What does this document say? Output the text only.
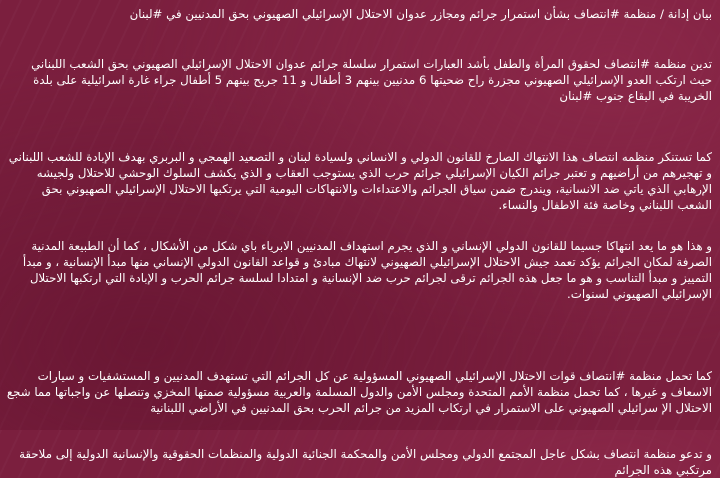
بيان إدانة / منظمة #انتصاف بشأن استمرار جرائم ومجازر عدوان الاحتلال الإسرائيلي الصهيوني بحق المدنيين في #لبنان

تدين منظمة #انتصاف لحقوق المرأة والطفل بأشد العبارات استمرار سلسلة جرائم عدوان الاحتلال الإسرائيلي الصهيوني بحق الشعب اللبناني حيث ارتكب العدو الإسرائيلي الصهيوني مجزرة راح ضحيتها 6 مدنيين بينهم 3 أطفال و 11 جريح بينهم 5 أطفال جراء غارة اسرائيلية على بلدة الخريبة في البقاع جنوب #لبنان

كما تستنكر منظمه انتصاف هذا الانتهاك الصارخ للقانون الدولي و الانساني ولسيادة لبنان و التصعيد الهمجي و البربري بهدف الإبادة للشعب اللبناني و تهجيرهم من أراضيهم و تعتبر جرائم الكيان الإسرائيلي جرائم حرب الذي يستوجب العقاب و الذي يكشف السلوك الوحشي للاحتلال ولجيشه الإرهابي الذي ياتي ضد الانسانية، ويندرج ضمن سياق الجرائم والاعتداءات والانتهاكات اليومية التي يرتكبها الاحتلال الإسرائيلي الصهيوني بحق الشعب اللبناني وخاصة فئة الاطفال والنساء.

و هذا هو ما يعد انتهاكا جسيما للقانون الدولي الإنساني و الذي يجرم استهداف المدنيين الابرياء باي شكل من الأشكال ، كما أن الطبيعة المدنية الصرفة لمكان الجرائم يؤكد تعمد جيش الاحتلال الإسرائيلي الصهيوني لانتهاك مبادئ و قواعد القانون الدولي الإنساني منها مبدأ الإنسانية ، و مبدأ التمييز و مبدأ التناسب و هو ما جعل هذه الجرائم ترقى لجرائم حرب ضد الإنسانية و امتدادا لسلسة جرائم الحرب و الإبادة التي ارتكبها الاحتلال الإسرائيلي الصهيوني لسنوات.

كما تحمل منظمة #انتصاف قوات الاحتلال الإسرائيلي الصهيوني المسؤولية عن كل الجرائم التي تستهدف المدنيين و المستشفيات و سيارات الاسعاف و غيرها ، كما تحمل منظمة الأمم المتحدة ومجلس الأمن والدول المسلمة والعربية مسؤولية صمتها المخزي وتنصلها عن واجباتها مما شجع الاحتلال الإ سرائيلي الصهيوني على الاستمرار في ارتكاب المزيد من جرائم الحرب بحق المدنيين في الأراضي اللبنانية

و تدعو منظمة انتصاف بشكل عاجل المجتمع الدولي ومجلس الأمن والمحكمة الجنائية الدولية والمنظمات الحقوقية والإنسانية الدولية إلى ملاحقة مرتكبي هذه الجرائم
